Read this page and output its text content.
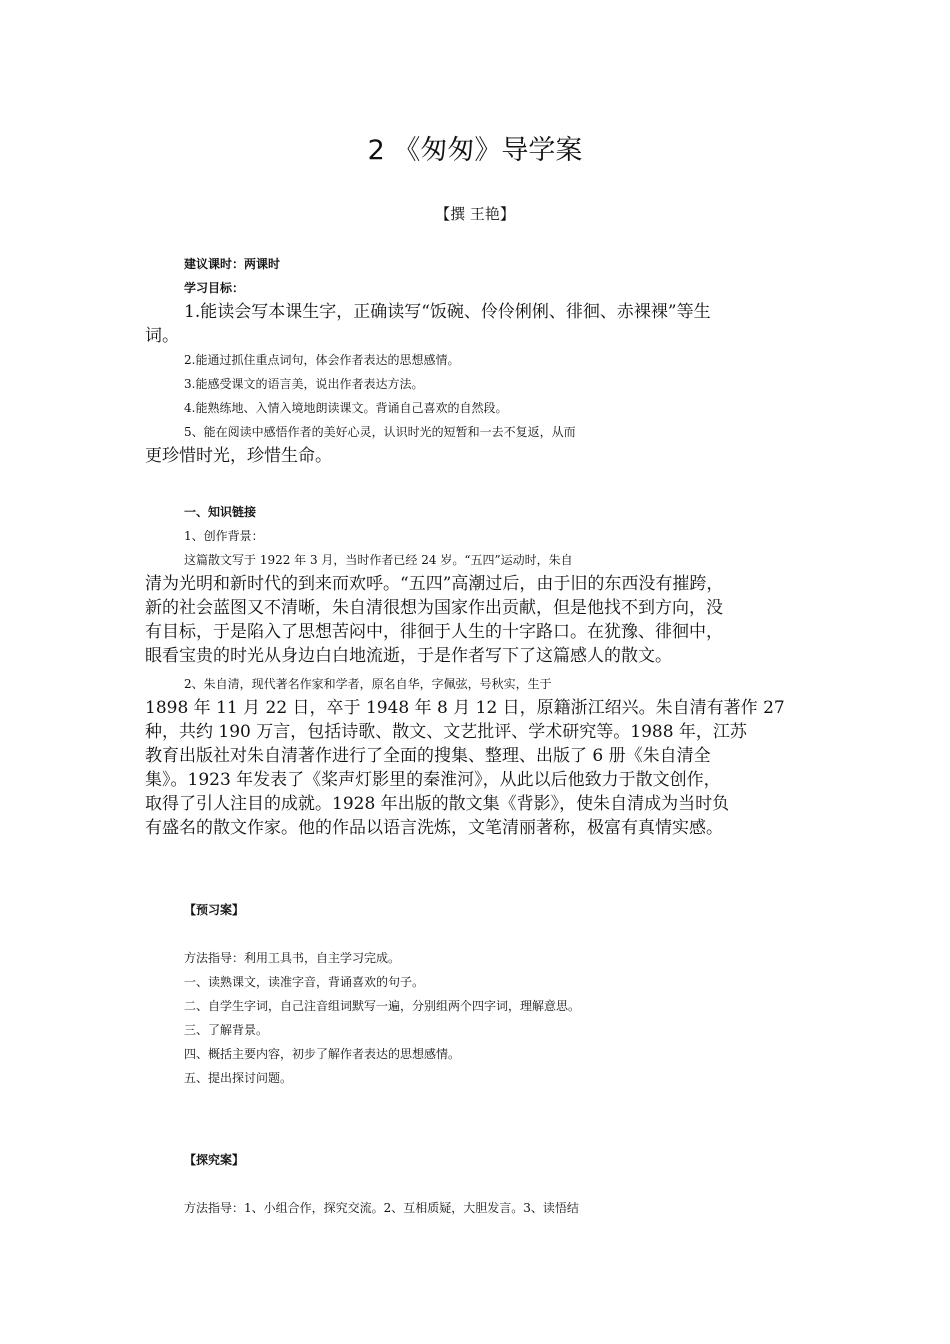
2 《匆匆》导学案
【撰 王艳】
建议课时：两课时
学习目标：
1.能读会写本课生字，正确读写“饭碗、伶伶俐俐、徘徊、赤裸裸”等生
词。
2.能通过抓住重点词句，体会作者表达的思想感情。
3.能感受课文的语言美，说出作者表达方法。
4.能熟练地、入情入境地朗读课文。背诵自己喜欢的自然段。
5、能在阅读中感悟作者的美好心灵，认识时光的短暂和一去不复返，从而
更珍惜时光，珍惜生命。
一、知识链接
1、创作背景：
这篇散文写于 1922 年 3 月，当时作者已经 24 岁。“五四”运动时，朱自
清为光明和新时代的到来而欢呼。“五四”高潮过后，由于旧的东西没有摧跨，
新的社会蓝图又不清晰，朱自清很想为国家作出贡献，但是他找不到方向，没
有目标，于是陷入了思想苦闷中，徘徊于人生的十字路口。在犹豫、徘徊中，
眼看宝贵的时光从身边白白地流逝，于是作者写下了这篇感人的散文。
2、朱自清，现代著名作家和学者，原名自华，字佩弦，号秋实，生于
1898 年 11 月 22 日，卒于 1948 年 8 月 12 日，原籍浙江绍兴。朱自清有著作 27
种，共约 190 万言，包括诗歌、散文、文艺批评、学术研究等。1988 年，江苏
教育出版社对朱自清著作进行了全面的搜集、整理、出版了 6 册《朱自清全
集》。1923 年发表了《桨声灯影里的秦淮河》，从此以后他致力于散文创作，
取得了引人注目的成就。1928 年出版的散文集《背影》，使朱自清成为当时负
有盛名的散文作家。他的作品以语言洗炼，文笔清丽著称，极富有真情实感。
【预习案】
方法指导：利用工具书，自主学习完成。
一、读熟课文，读准字音，背诵喜欢的句子。
二、自学生字词，自己注音组词默写一遍，分别组两个四字词，理解意思。
三、了解背景。
四、概括主要内容，初步了解作者表达的思想感情。
五、提出探讨问题。
【探究案】
方法指导：1、小组合作，探究交流。2、互相质疑，大胆发言。3、读悟结
